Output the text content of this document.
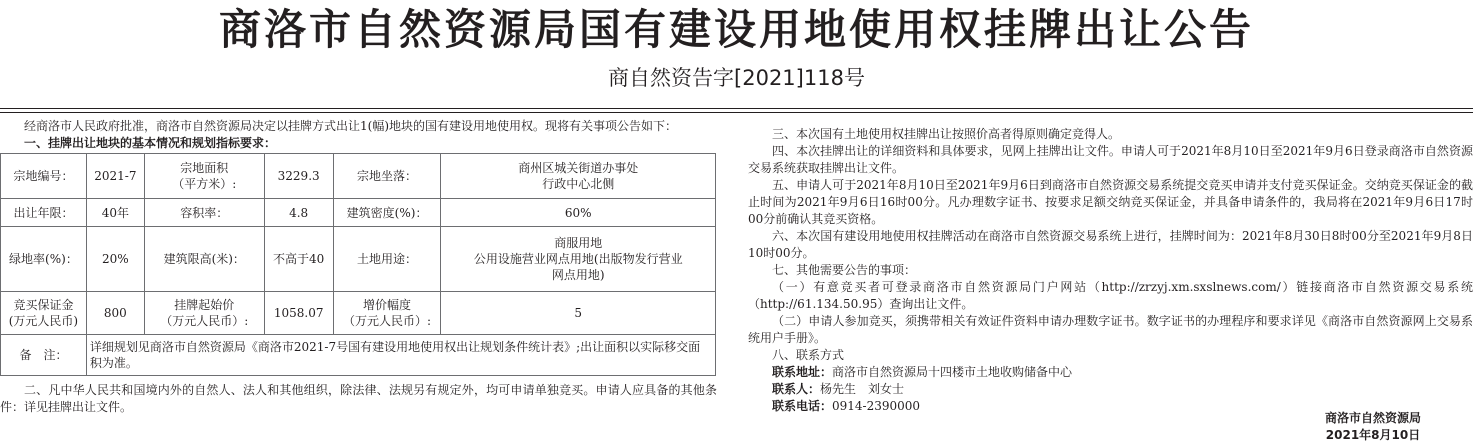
商洛市自然资源局国有建设用地使用权挂牌出让公告
商自然资告字[2021]118号

经商洛市人民政府批准，商洛市自然资源局决定以挂牌方式出让1(幅)地块的国有建设用地使用权。现将有关事项公告如下：

一、挂牌出让地块的基本情况和规划指标要求：

宗地编号：	2021-7	宗地面积
（平方米）:	3229.3	宗地坐落：	商州区城关街道办事处
行政中心北侧

出让年限：	40年	容积率：	4.8	建筑密度(%)：	60%
绿地率(%)：	20%	建筑限高(米)：	不高于40	土地用途：	商服用地
公用设施营业网点用地(出版物发行营业
网点用地)

竞买保证金
(万元人民币)	800	挂牌起始价
（万元人民币）:	1058.07	增价幅度
（万元人民币）:	5
备　注：	详细规划见商洛市自然资源局《商洛市2021-7号国有建设用地使用权出让规划条件统计表》;出让面积以实际移交面积为准。				

二、凡中华人民共和国境内外的自然人、法人和其他组织，除法律、法规另有规定外，均可申请单独竞买。申请人应具备的其他条件：详见挂牌出让文件。

三、本次国有土地使用权挂牌出让按照价高者得原则确定竞得人。

四、本次挂牌出让的详细资料和具体要求，见网上挂牌出让文件。申请人可于2021年8月10日至2021年9月6日登录商洛市自然资源交易系统获取挂牌出让文件。

五、申请人可于2021年8月10日至2021年9月6日到商洛市自然资源交易系统提交竞买申请并支付竞买保证金。交纳竞买保证金的截止时间为2021年9月6日16时00分。凡办理数字证书、按要求足额交纳竞买保证金，并具备申请条件的，我局将在2021年9月6日17时00分前确认其竞买资格。

六、本次国有建设用地使用权挂牌活动在商洛市自然资源交易系统上进行，挂牌时间为：2021年8月30日8时00分至2021年9月8日10时00分。

七、其他需要公告的事项：

（一）有意竞买者可登录商洛市自然资源局门户网站（http://zrzyj.xm.sxslnews.com/）链接商洛市自然资源交易系统（http://61.134.50.95）查询出让文件。

（二）申请人参加竞买，须携带相关有效证件资料申请办理数字证书。数字证书的办理程序和要求详见《商洛市自然资源网上交易系统用户手册》。

八、联系方式

联系地址：商洛市自然资源局十四楼市土地收购储备中心

联系人：杨先生　刘女士

联系电话：0914-2390000

商洛市自然资源局
2021年8月10日
